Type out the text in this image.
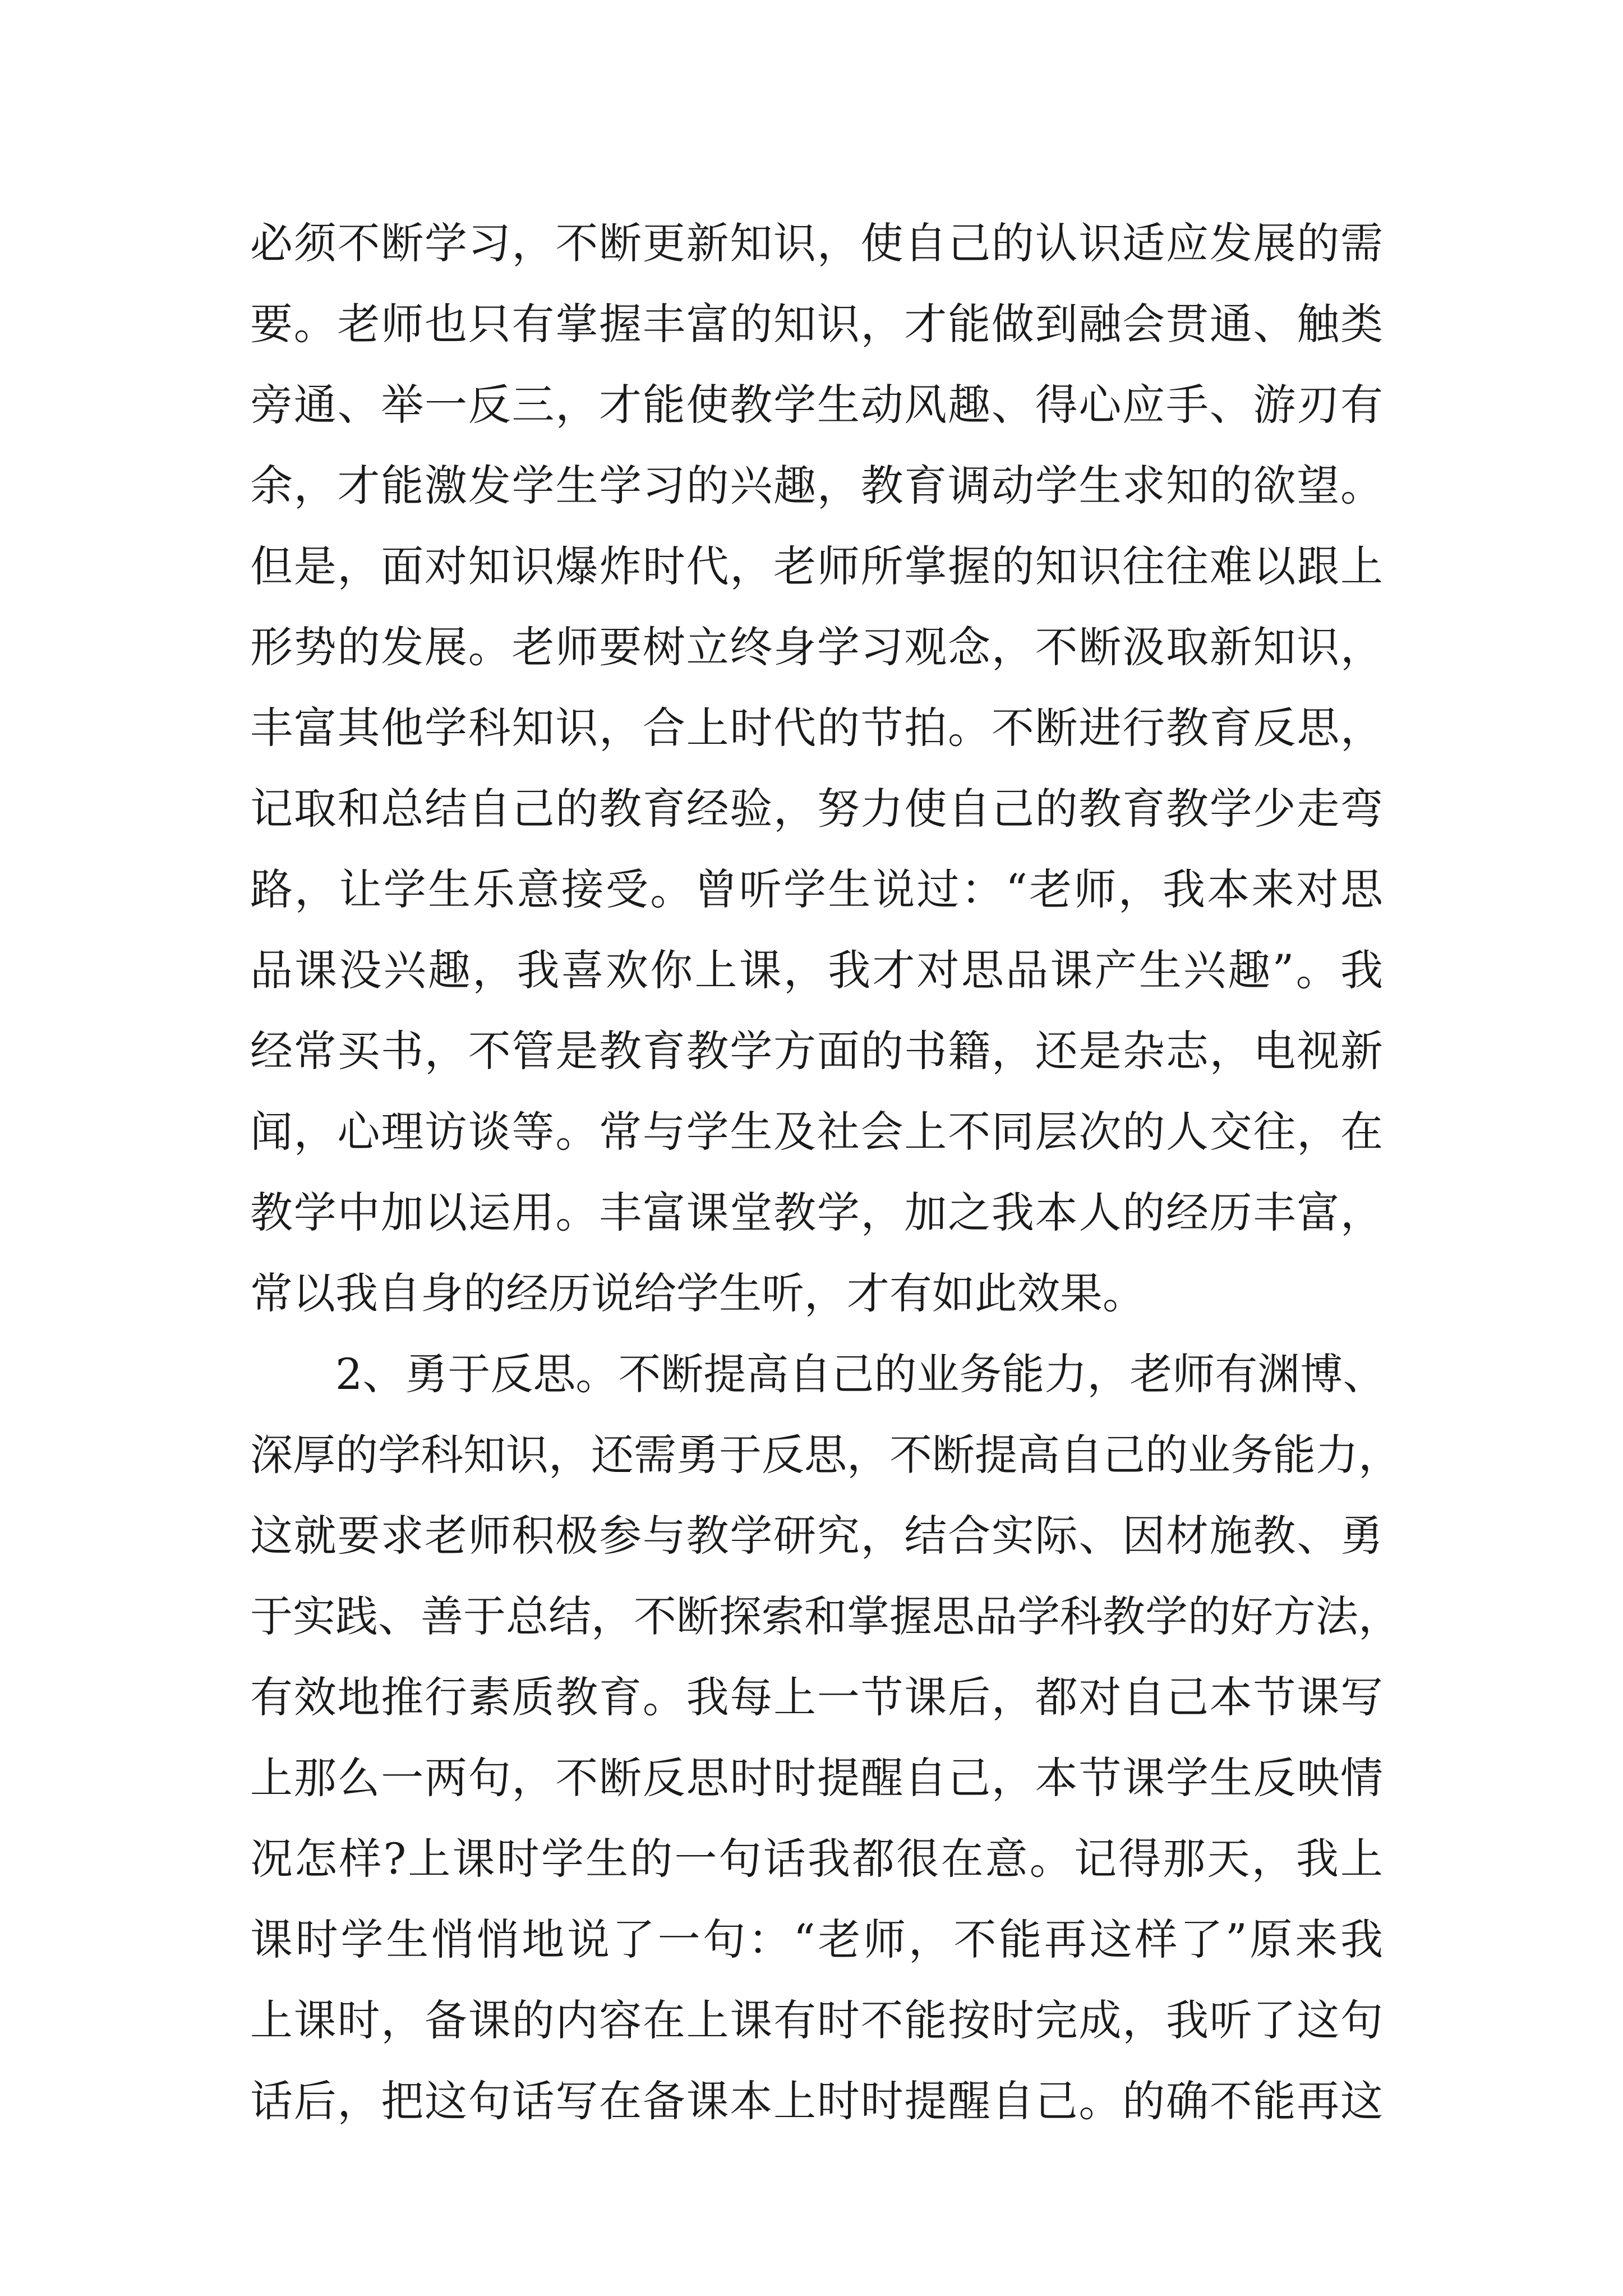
必须不断学习，不断更新知识，使自己的认识适应发展的需
要。老师也只有掌握丰富的知识，才能做到融会贯通、触类
旁通、举一反三，才能使教学生动风趣、得心应手、游刃有
余，才能激发学生学习的兴趣，教育调动学生求知的欲望。
但是，面对知识爆炸时代，老师所掌握的知识往往难以跟上
形势的发展。老师要树立终身学习观念，不断汲取新知识，
丰富其他学科知识，合上时代的节拍。不断进行教育反思，
记取和总结自己的教育经验，努力使自己的教育教学少走弯
路，让学生乐意接受。曾听学生说过：“老师，我本来对思
品课没兴趣，我喜欢你上课，我才对思品课产生兴趣”。我
经常买书，不管是教育教学方面的书籍，还是杂志，电视新
闻，心理访谈等。常与学生及社会上不同层次的人交往，在
教学中加以运用。丰富课堂教学，加之我本人的经历丰富，
常以我自身的经历说给学生听，才有如此效果。
2、勇于反思。不断提高自己的业务能力，老师有渊博、
深厚的学科知识，还需勇于反思，不断提高自己的业务能力，
这就要求老师积极参与教学研究，结合实际、因材施教、勇
于实践、善于总结，不断探索和掌握思品学科教学的好方法，
有效地推行素质教育。我每上一节课后，都对自己本节课写
上那么一两句，不断反思时时提醒自己，本节课学生反映情
况怎样?上课时学生的一句话我都很在意。记得那天，我上
课时学生悄悄地说了一句：“老师，不能再这样了”原来我
上课时，备课的内容在上课有时不能按时完成，我听了这句
话后，把这句话写在备课本上时时提醒自己。的确不能再这
